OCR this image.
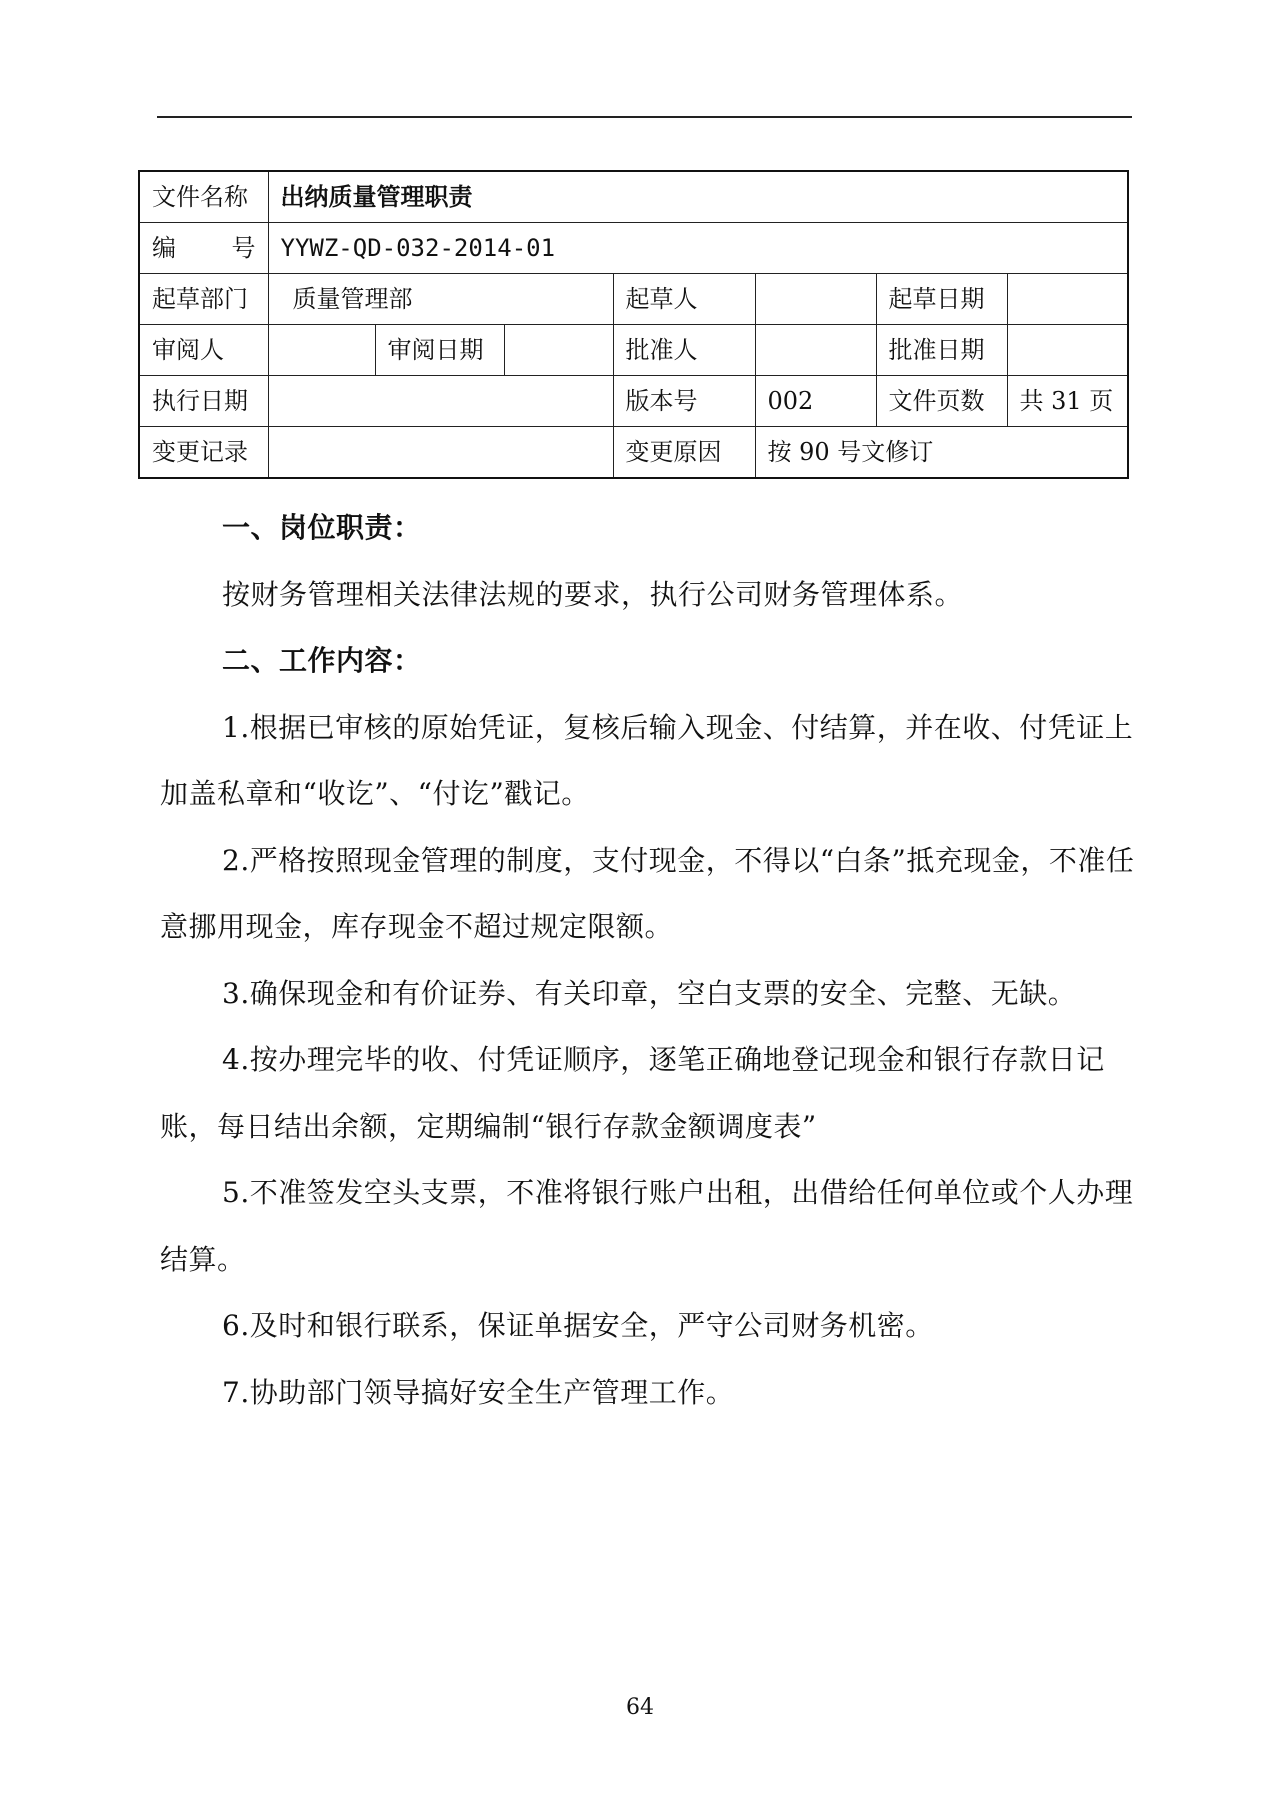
文件名称	出纳质量管理职责						

编 号	YYWZ-QD-032-2014-01						
起草部门	质量管理部			起草人		起草日期	
审阅人		审阅日期		批准人		批准日期	
执行日期				版本号	002	文件页数	共 31 页
变更记录				变更原因	按 90 号文修订		

一、岗位职责：

按财务管理相关法律法规的要求，执行公司财务管理体系。

二、工作内容：

1.根据已审核的原始凭证，复核后输入现金、付结算，并在收、付凭证上加盖私章和“收讫”、“付讫”戳记。

2.严格按照现金管理的制度，支付现金，不得以“白条”抵充现金，不准任意挪用现金，库存现金不超过规定限额。

3.确保现金和有价证券、有关印章，空白支票的安全、完整、无缺。

4.按办理完毕的收、付凭证顺序，逐笔正确地登记现金和银行存款日记账，每日结出余额，定期编制“银行存款金额调度表”

5.不准签发空头支票，不准将银行账户出租，出借给任何单位或个人办理结算。

6.及时和银行联系，保证单据安全，严守公司财务机密。

7.协助部门领导搞好安全生产管理工作。

64
